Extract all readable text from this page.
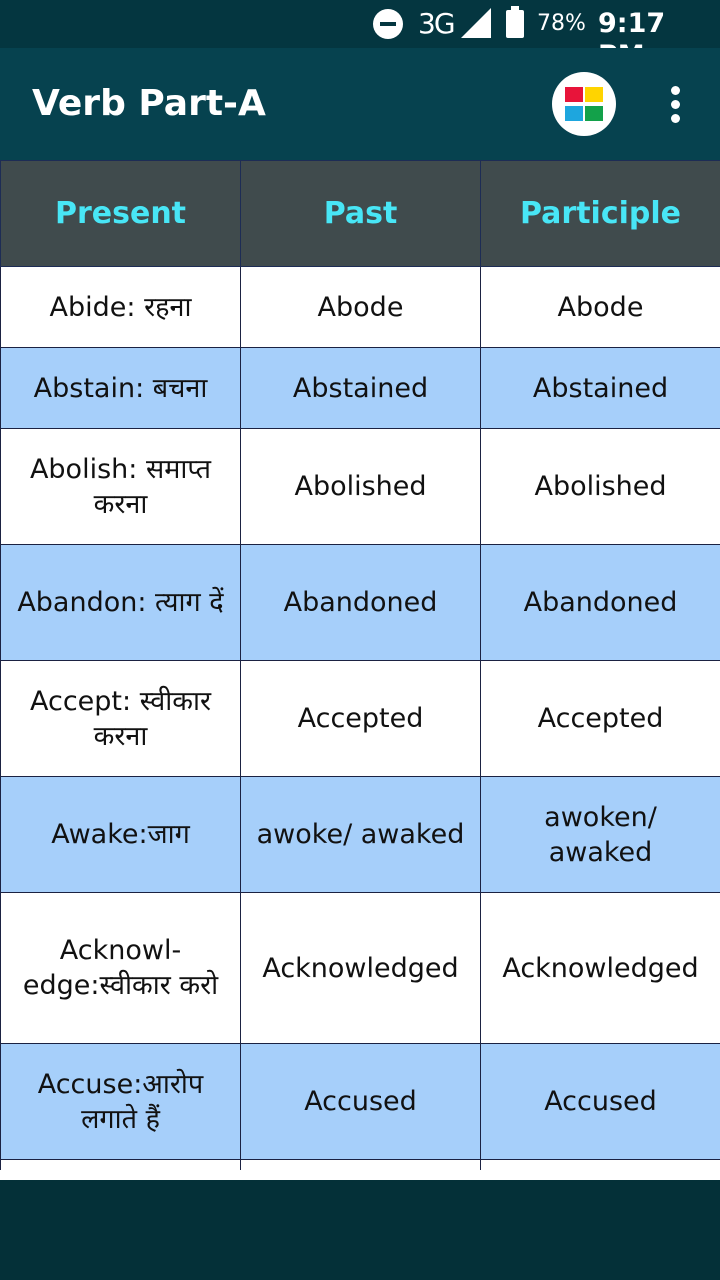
3G	78% 9:17
Verb Part-A
Present	Past	Participle
Abide: रहना	Abode	Abode
Abstain: बचना	Abstained	Abstained
Abolish: समाप्त करना	Abolished	Abolished
Abandon: त्याग दें	Abandoned	Abandoned
Accept: स्वीकार करना	Accepted	Accepted
Awake:जाग	awoke/ awaked	awoken/ awaked
Acknowl-edge:स्वीकार करो	Acknowledged	Acknowledged
Accuse:आरोप लगाते हैं	Accused	Accused
